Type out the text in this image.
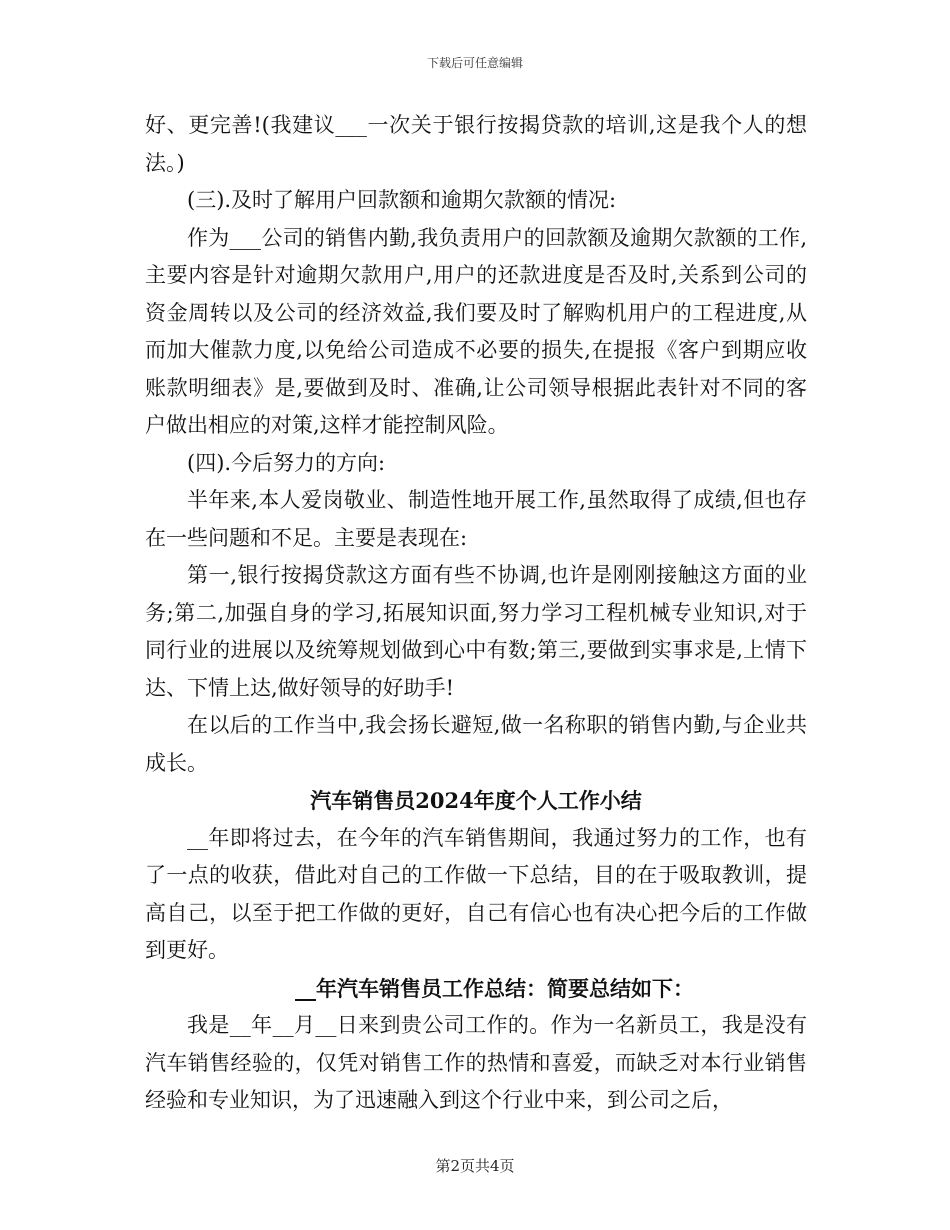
下载后可任意编辑

好、更完善!(我建议___一次关于银行按揭贷款的培训,这是我个人的想法。)

(三).及时了解用户回款额和逾期欠款额的情况:

作为___公司的销售内勤,我负责用户的回款额及逾期欠款额的工作,主要内容是针对逾期欠款用户,用户的还款进度是否及时,关系到公司的资金周转以及公司的经济效益,我们要及时了解购机用户的工程进度,从而加大催款力度,以免给公司造成不必要的损失,在提报《客户到期应收账款明细表》是,要做到及时、准确,让公司领导根据此表针对不同的客户做出相应的对策,这样才能控制风险。

(四).今后努力的方向:

半年来,本人爱岗敬业、制造性地开展工作,虽然取得了成绩,但也存在一些问题和不足。主要是表现在:

第一,银行按揭贷款这方面有些不协调,也许是刚刚接触这方面的业务;第二,加强自身的学习,拓展知识面,努力学习工程机械专业知识,对于同行业的进展以及统筹规划做到心中有数;第三,要做到实事求是,上情下达、下情上达,做好领导的好助手!

在以后的工作当中,我会扬长避短,做一名称职的销售内勤,与企业共成长。

汽车销售员2024年度个人工作小结

__年即将过去，在今年的汽车销售期间，我通过努力的工作，也有了一点的收获，借此对自己的工作做一下总结，目的在于吸取教训，提高自己，以至于把工作做的更好，自己有信心也有决心把今后的工作做到更好。

__年汽车销售员工作总结：简要总结如下：

我是__年__月__日来到贵公司工作的。作为一名新员工，我是没有汽车销售经验的，仅凭对销售工作的热情和喜爱，而缺乏对本行业销售经验和专业知识，为了迅速融入到这个行业中来，到公司之后，

第2页共4页
